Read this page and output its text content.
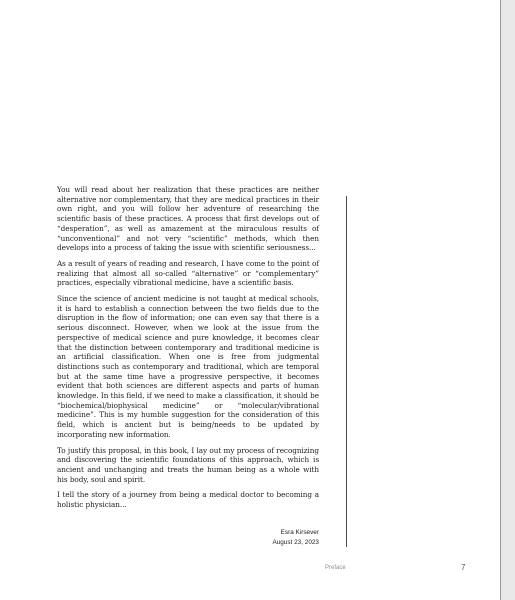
You will read about her realization that these practices are neither alternative nor complementary, that they are medical practices in their own right, and you will follow her adventure of researching the scientific basis of these practices. A process that first develops out of “desperation”, as well as amazement at the miraculous results of “unconventional” and not very “scientific” methods, which then develops into a process of taking the issue with scientific seriousness...

As a result of years of reading and research, I have come to the point of realizing that almost all so-called “alternative” or “complementary” practices, especially vibrational medicine, have a scientific basis.

Since the science of ancient medicine is not taught at medical schools, it is hard to establish a connection between the two fields due to the disruption in the flow of information; one can even say that there is a serious disconnect. However, when we look at the issue from the perspective of medical science and pure knowledge, it becomes clear that the distinction between contemporary and traditional medicine is an artificial classification. When one is free from judgmental distinctions such as contemporary and traditional, which are temporal but at the same time have a progressive perspective, it becomes evident that both sciences are different aspects and parts of human knowledge. In this field, if we need to make a classification, it should be “biochemical/biophysical medicine” or “molecular/vibrational medicine”. This is my humble suggestion for the consideration of this field, which is ancient but is being/needs to be updated by incorporating new information.

To justify this proposal, in this book, I lay out my process of recognizing and discovering the scientific foundations of this approach, which is ancient and unchanging and treats the human being as a whole with his body, soul and spirit.

I tell the story of a journey from being a medical doctor to becoming a holistic physician...

Esra Kirsever
August 23, 2023
Preface	7
